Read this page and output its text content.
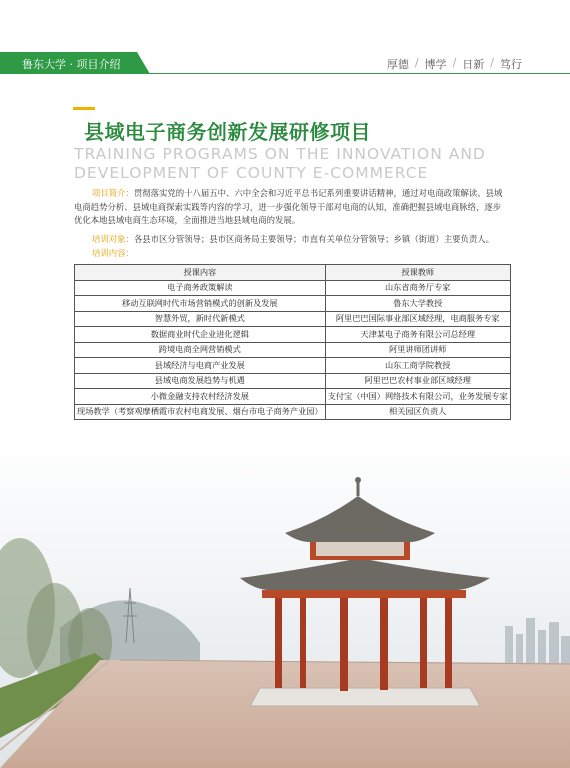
鲁东大学 · 项目介绍	厚德 / 博学 / 日新 / 笃行
县域电子商务创新发展研修项目
TRAINING PROGRAMS ON THE INNOVATION AND DEVELOPMENT OF COUNTY E-COMMERCE

项目简介：贯彻落实党的十八届五中、六中全会和习近平总书记系列重要讲话精神，通过对电商政策解读、县域电商趋势分析、县域电商探索实践等内容的学习，进一步强化领导干部对电商的认知，准确把握县域电商脉络，逐步优化本地县域电商生态环境，全面推进当地县域电商的发展。

培训对象：各县市区分管领导；县市区商务局主要领导；市直有关单位分管领导；乡镇（街道）主要负责人。

培训内容：

授课内容	授课教师
电子商务政策解读	山东省商务厅专家
移动互联网时代市场营销模式的创新及发展	鲁东大学教授
智慧外贸，新时代新模式	阿里巴巴国际事业部区域经理，电商服务专家
数据商业时代企业进化逻辑	天津某电子商务有限公司总经理
跨境电商全网营销模式	阿里讲师团讲师
县域经济与电商产业发展	山东工商学院教授
县域电商发展趋势与机遇	阿里巴巴农村事业部区域经理
小微金融支持农村经济发展	支付宝（中国）网络技术有限公司，业务发展专家
现场教学（考察观摩栖霞市农村电商发展、烟台市电子商务产业园）	相关园区负责人
